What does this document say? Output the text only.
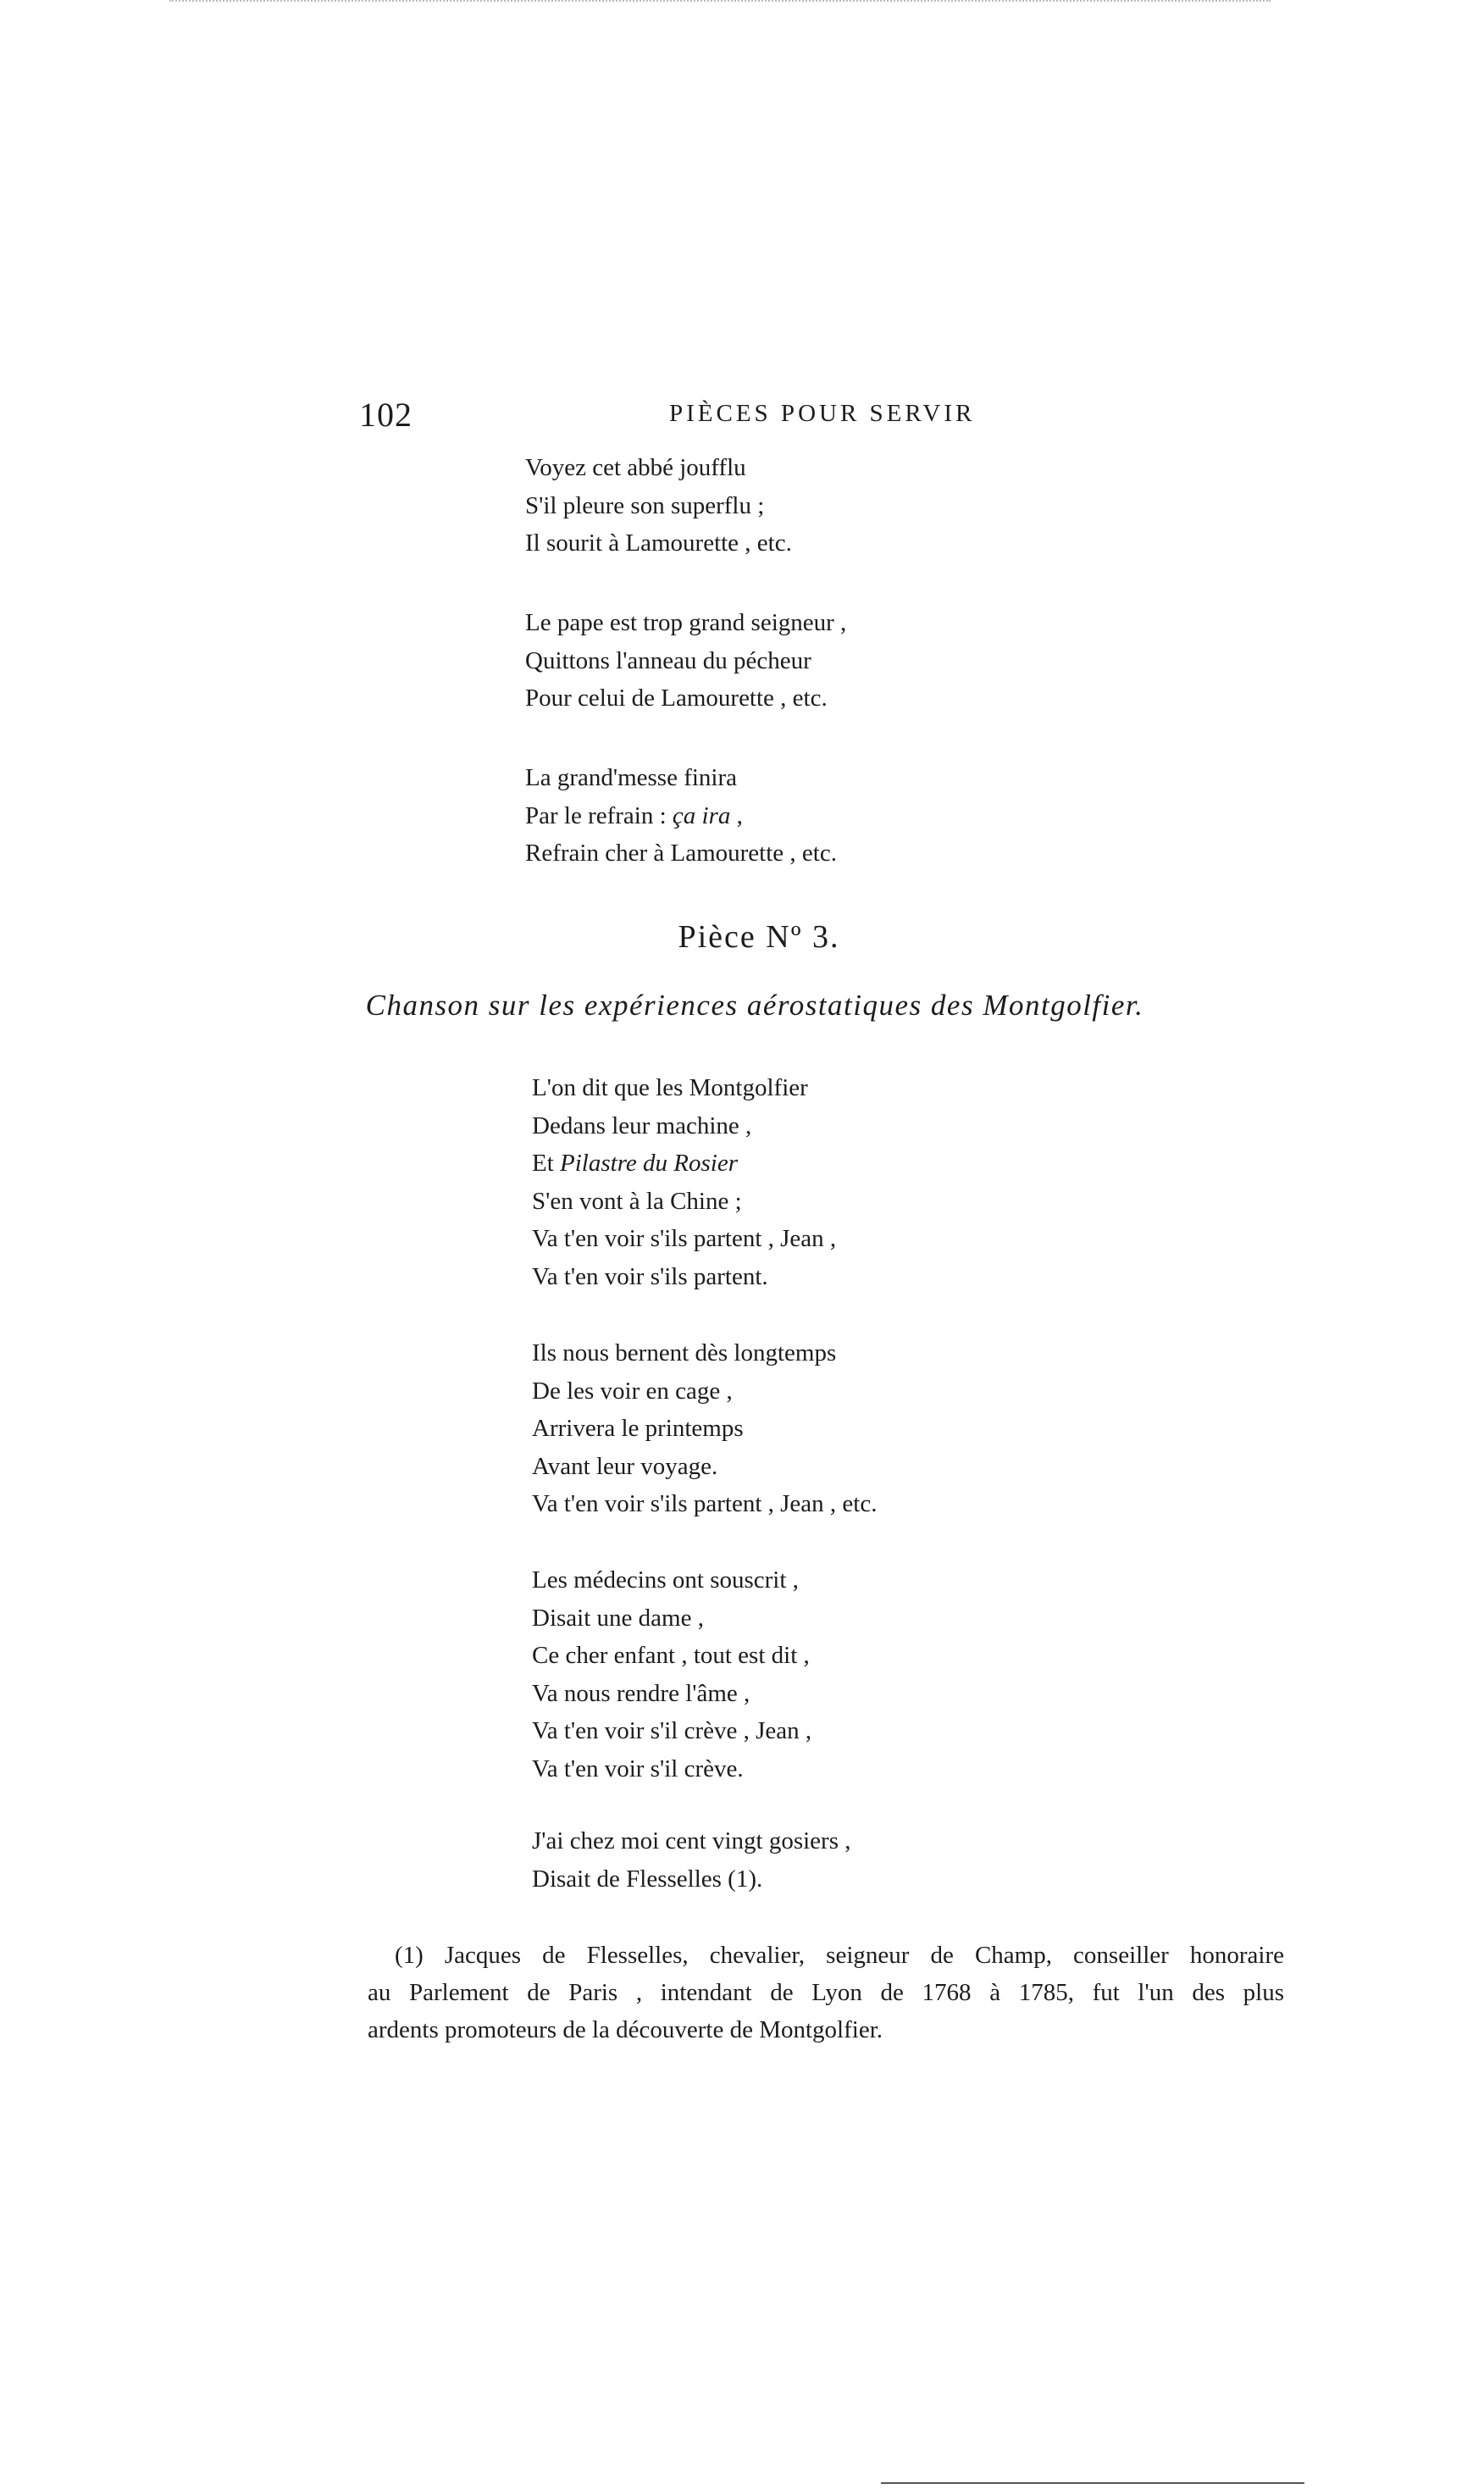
102	PIÈCES POUR SERVIR
Voyez cet abbé joufflu
S'il pleure son superflu ;
Il sourit à Lamourette , etc.
Le pape est trop grand seigneur ,
Quittons l'anneau du pécheur
Pour celui de Lamourette , etc.
La grand'messe finira
Par le refrain : ça ira ,
Refrain cher à Lamourette , etc.
Pièce Nº 3.
Chanson sur les expériences aérostatiques des Montgolfier.
L'on dit que les Montgolfier
Dedans leur machine ,
Et Pilastre du Rosier
S'en vont à la Chine ;
Va t'en voir s'ils partent , Jean ,
Va t'en voir s'ils partent.
Ils nous bernent dès longtemps
De les voir en cage ,
Arrivera le printemps
Avant leur voyage.
Va t'en voir s'ils partent , Jean , etc.
Les médecins ont souscrit ,
Disait une dame ,
Ce cher enfant , tout est dit ,
Va nous rendre l'âme ,
Va t'en voir s'il crève , Jean ,
Va t'en voir s'il crève.
J'ai chez moi cent vingt gosiers ,
Disait de Flesselles (1).
(1) Jacques de Flesselles, chevalier, seigneur de Champ, conseiller honoraire
au Parlement de Paris , intendant de Lyon de 1768 à 1785, fut l'un des plus
ardents promoteurs de la découverte de Montgolfier.
